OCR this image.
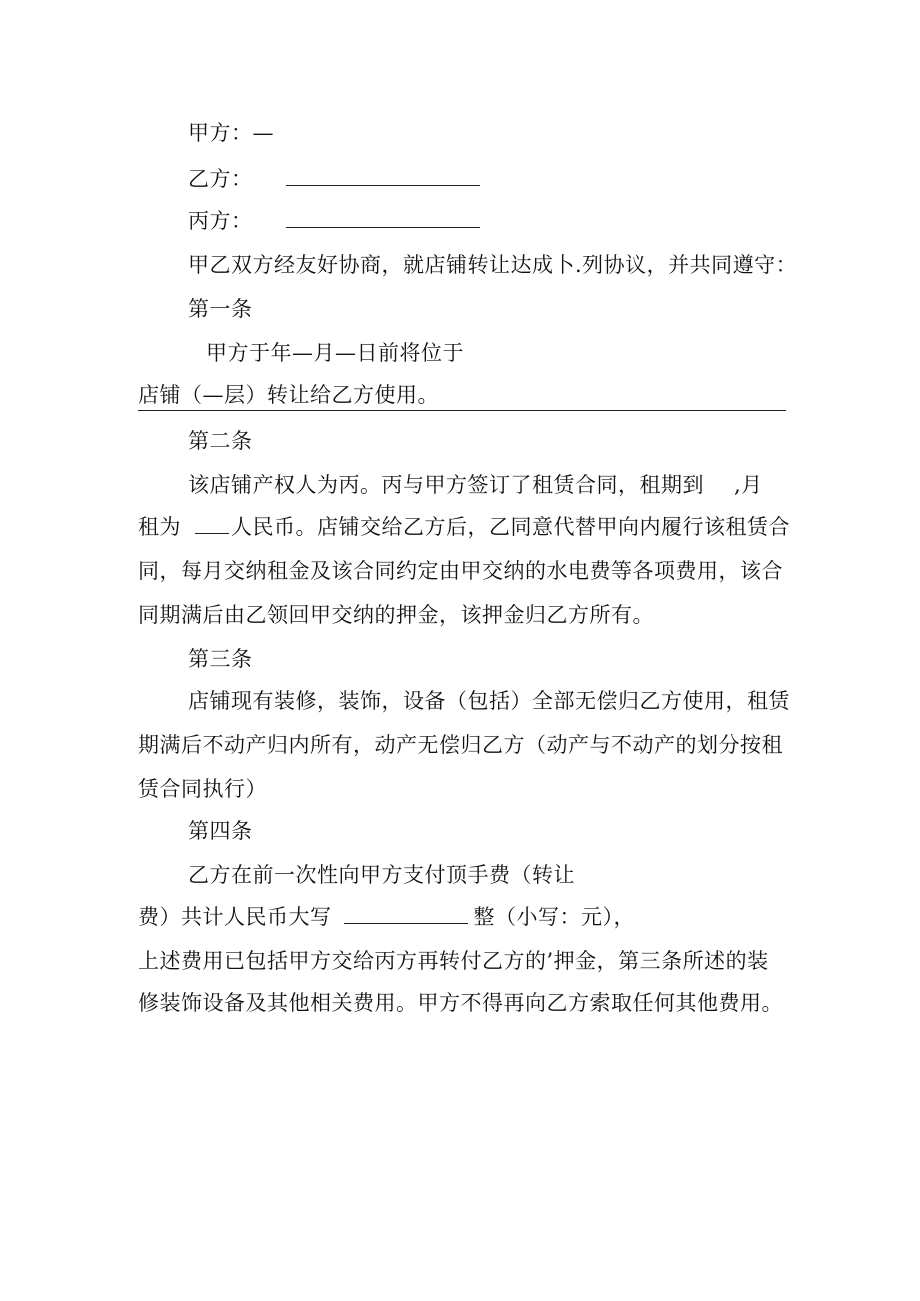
甲方：—
乙方：
丙方：
甲乙双方经友好协商，就店铺转让达成卜.列协议，并共同遵守：
第一条
甲方于年—月—日前将位于
店铺（—层）转让给乙方使用。
第二条
该店铺产权人为丙。丙与甲方签订了租赁合同，租期到 ,月
租为 人民币。店铺交给乙方后，乙同意代替甲向内履行该租赁合
同，每月交纳租金及该合同约定由甲交纳的水电费等各项费用，该合
同期满后由乙领回甲交纳的押金，该押金归乙方所有。
第三条
店铺现有装修，装饰，设备（包括）全部无偿归乙方使用，租赁
期满后不动产归内所有，动产无偿归乙方（动产与不动产的划分按租
赁合同执行）
第四条
乙方在前一次性向甲方支付顶手费（转让
费）共计人民币大写	整（小写：元），
上述费用已包括甲方交给丙方再转付乙方的’押金，第三条所述的装
修装饰设备及其他相关费用。甲方不得再向乙方索取任何其他费用。
